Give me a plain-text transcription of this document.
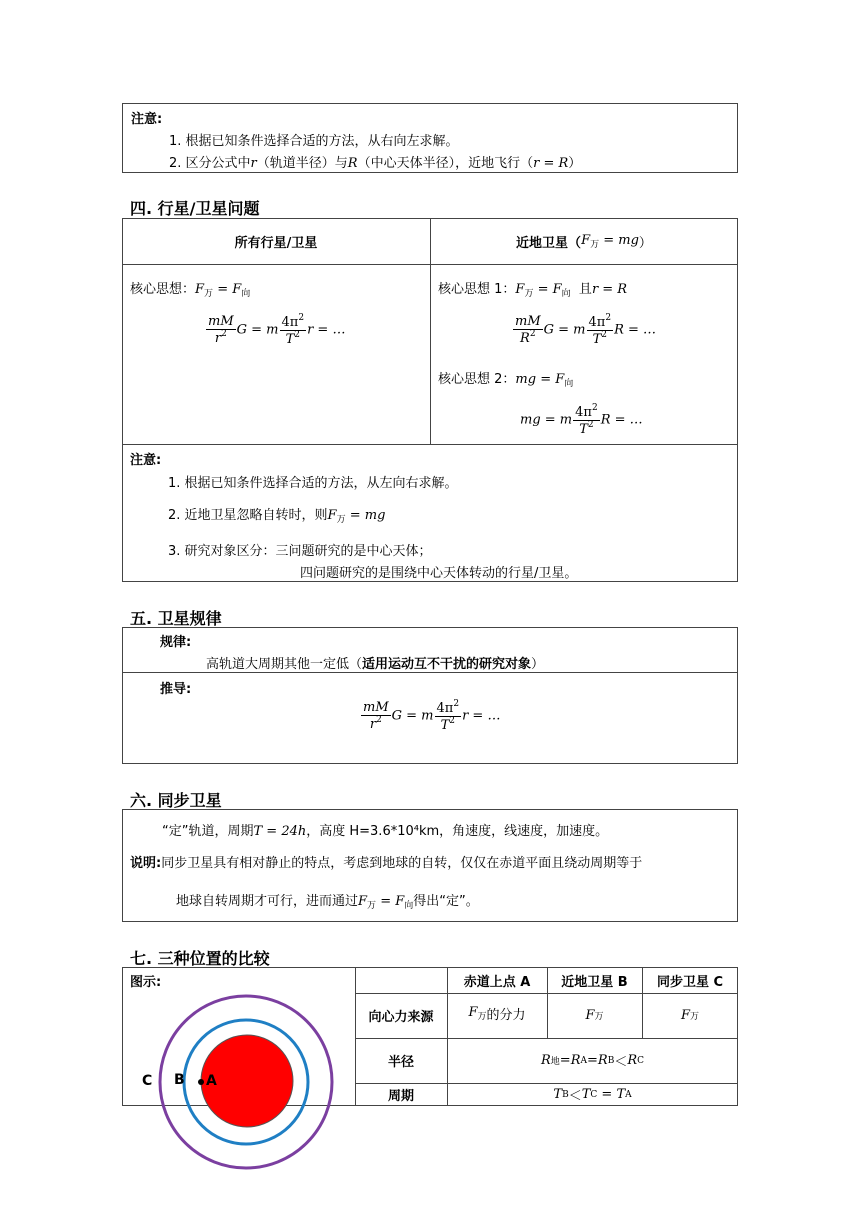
注意:
1. 根据已知条件选择合适的方法，从右向左求解。
2. 区分公式中r（轨道半径）与R（中心天体半径），近地飞行（r = R）
四. 行星/卫星问题
所有行星/卫星	近地卫星（ $F_万$ = mg ）
核心思想：$F_万 = F_向$
$\frac{mM}{r^2}$ G = m $\frac{4\pi^2}{T^2}$ r = …
核心思想 1：$F_万 = F_向$ 且r = R
$\frac{mM}{R^2}$ G = m $\frac{4\pi^2}{T^2}$ R = …
核心思想 2：mg = $F_向$
mg = m $\frac{4\pi^2}{T^2}$ R = …
注意:
1. 根据已知条件选择合适的方法，从左向右求解。
2. 近地卫星忽略自转时，则$F_万$ = mg
3. 研究对象区分：三问题研究的是中心天体；
四问题研究的是围绕中心天体转动的行星/卫星。
五. 卫星规律
规律:
高轨道大周期其他一定低（适用运动互不干扰的研究对象）
推导:
$\frac{mM}{r^2}$ G = m $\frac{4\pi^2}{T^2}$ r = …
六. 同步卫星
“定”轨道，周期T = 24h，高度 H=3.6*10⁴km，角速度，线速度，加速度。
说明:同步卫星具有相对静止的特点，考虑到地球的自转，仅仅在赤道平面且绕动周期等于
地球自转周期才可行，进而通过$F_万 = F_向$得出“定”。
七. 三种位置的比较
图示:	赤道上点 A	近地卫星 B	同步卫星 C
向心力来源	$F_万$ 的分力	F 万	F 万
半径	R 地 = R A = R B ＜ R C
周期	T B ＜ T C = T A
C B A
